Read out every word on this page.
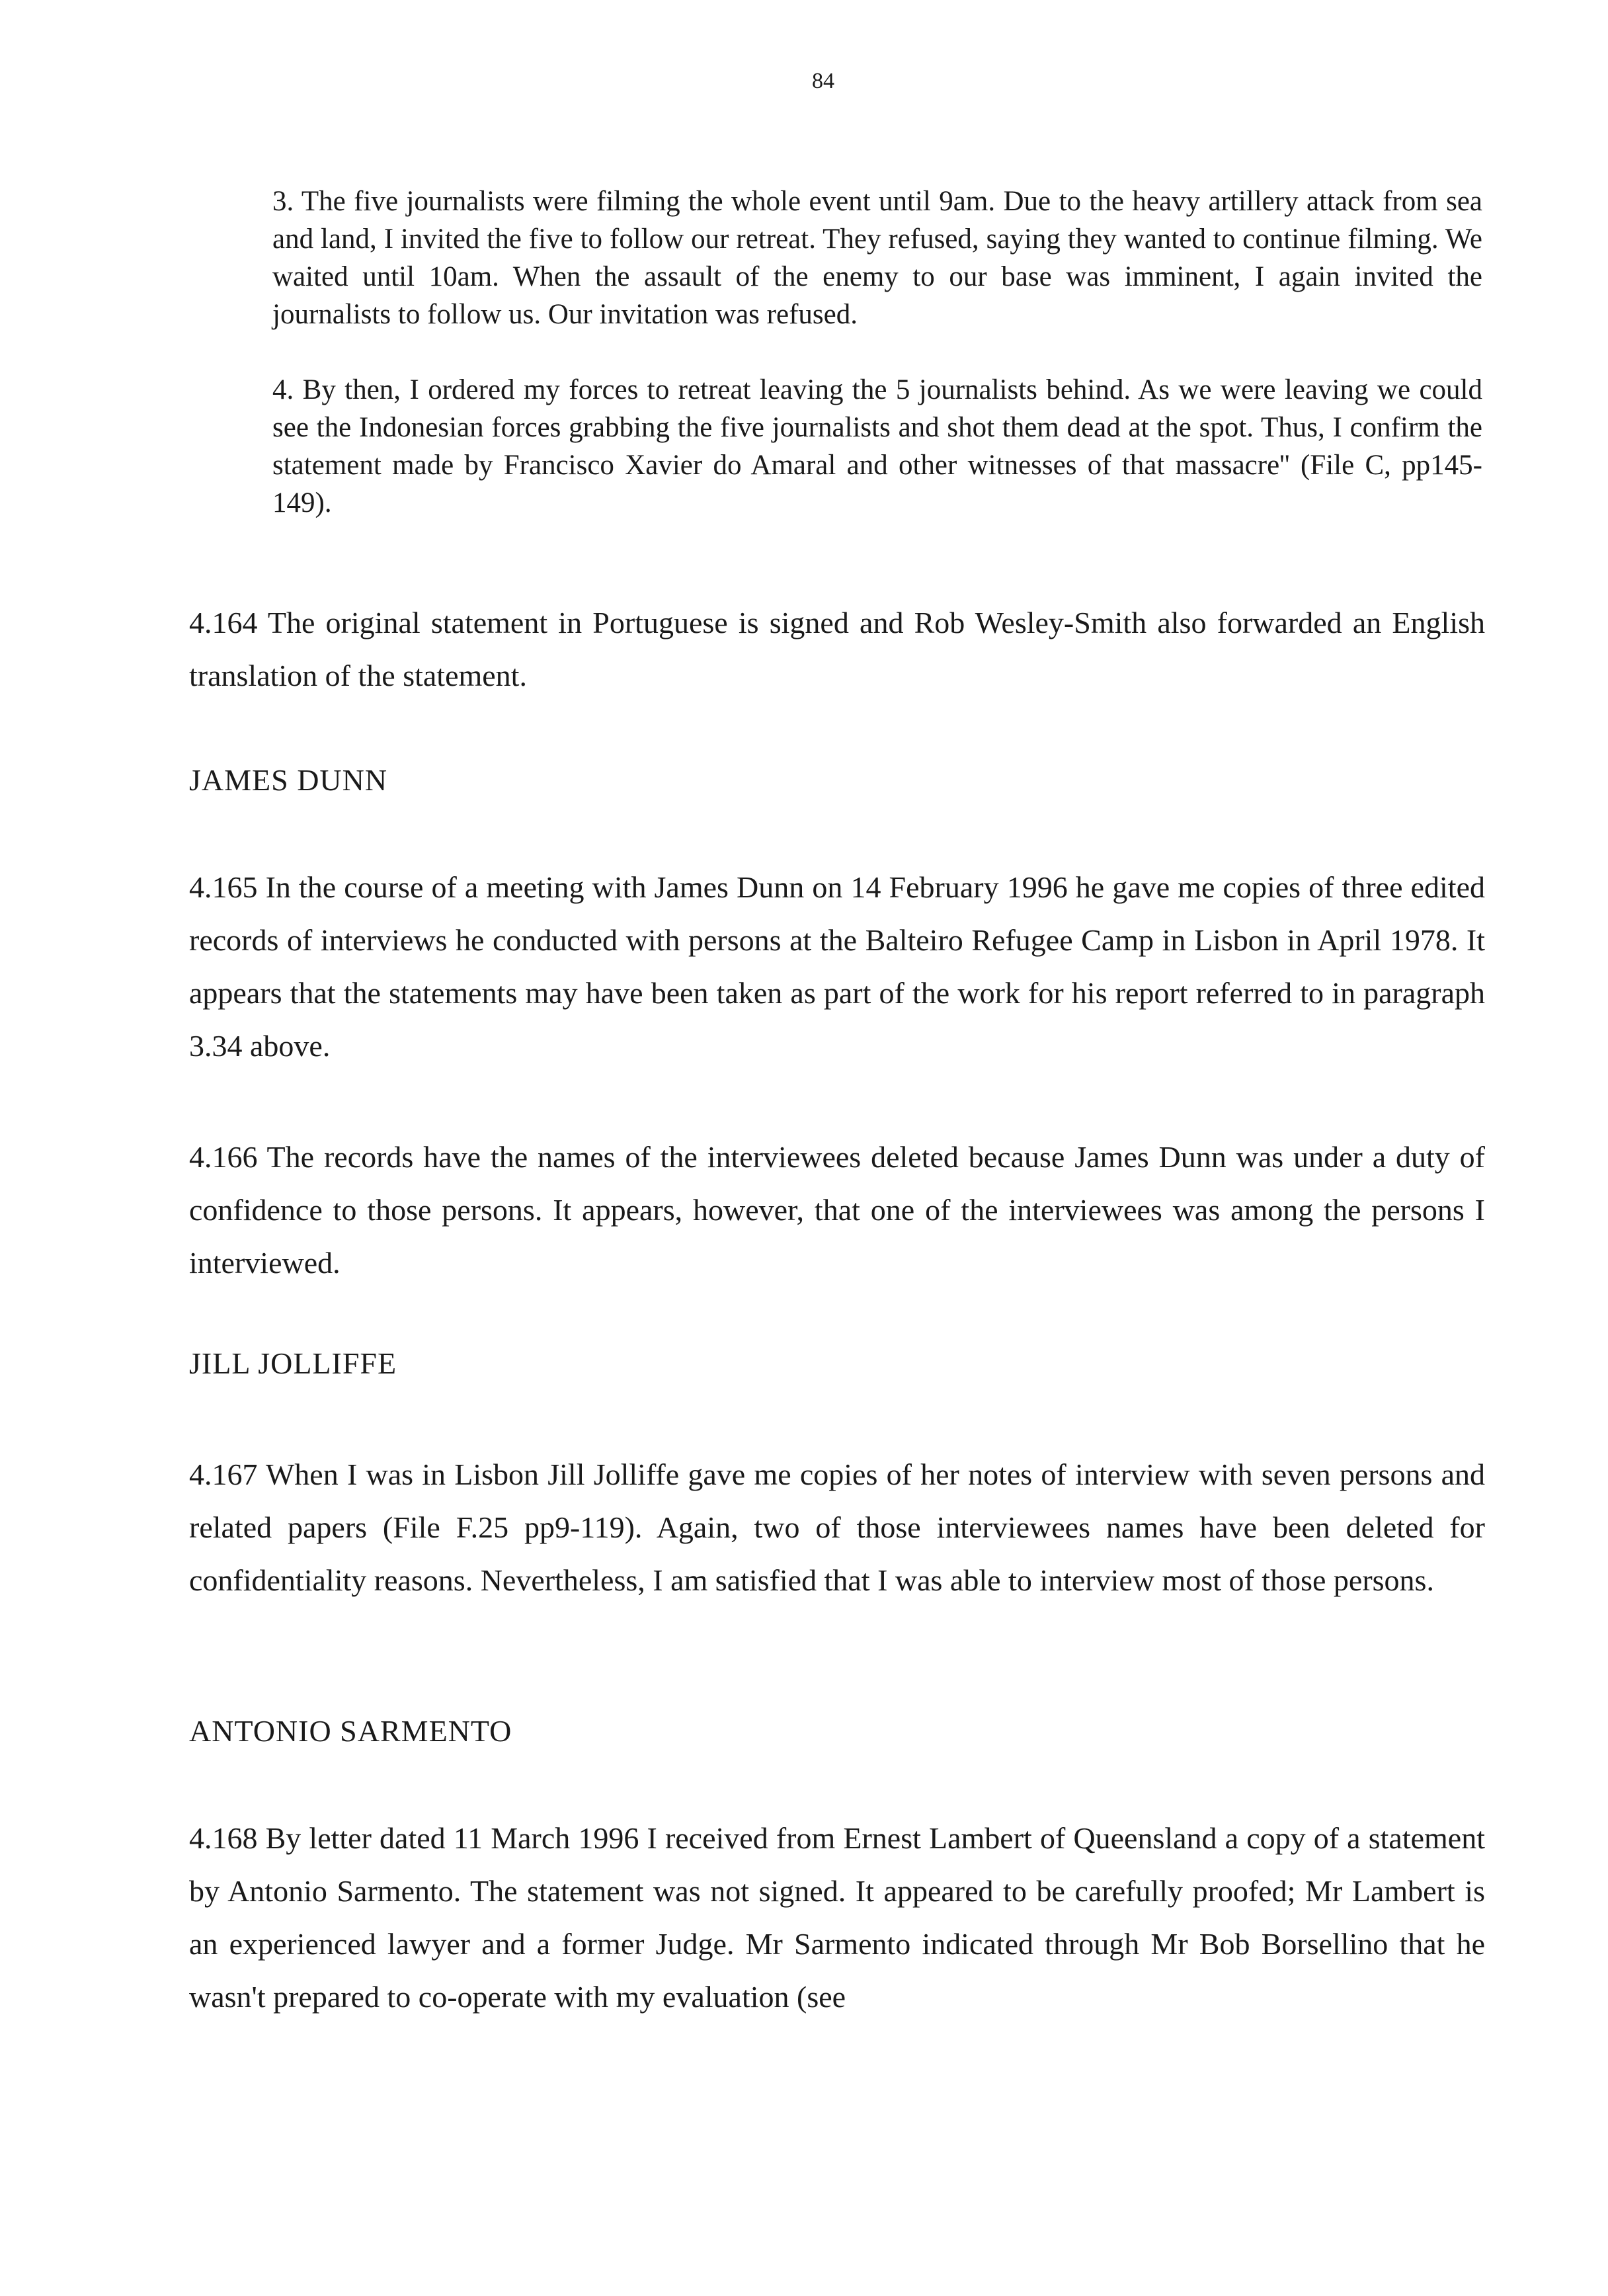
84

3. The five journalists were filming the whole event until 9am. Due to the heavy artillery attack from sea and land, I invited the five to follow our retreat. They refused, saying they wanted to continue filming. We waited until 10am. When the assault of the enemy to our base was imminent, I again invited the journalists to follow us. Our invitation was refused.

4. By then, I ordered my forces to retreat leaving the 5 journalists behind. As we were leaving we could see the Indonesian forces grabbing the five journalists and shot them dead at the spot. Thus, I confirm the statement made by Francisco Xavier do Amaral and other witnesses of that massacre'' (File C, pp145-149).

4.164 The original statement in Portuguese is signed and Rob Wesley-Smith also forwarded an English translation of the statement.

JAMES DUNN

4.165 In the course of a meeting with James Dunn on 14 February 1996 he gave me copies of three edited records of interviews he conducted with persons at the Balteiro Refugee Camp in Lisbon in April 1978. It appears that the statements may have been taken as part of the work for his report referred to in paragraph 3.34 above.

4.166 The records have the names of the interviewees deleted because James Dunn was under a duty of confidence to those persons. It appears, however, that one of the interviewees was among the persons I interviewed.

JILL JOLLIFFE

4.167 When I was in Lisbon Jill Jolliffe gave me copies of her notes of interview with seven persons and related papers (File F.25 pp9-119). Again, two of those interviewees names have been deleted for confidentiality reasons. Nevertheless, I am satisfied that I was able to interview most of those persons.

ANTONIO SARMENTO

4.168 By letter dated 11 March 1996 I received from Ernest Lambert of Queensland a copy of a statement by Antonio Sarmento. The statement was not signed. It appeared to be carefully proofed; Mr Lambert is an experienced lawyer and a former Judge. Mr Sarmento indicated through Mr Bob Borsellino that he wasn't prepared to co-operate with my evaluation (see
